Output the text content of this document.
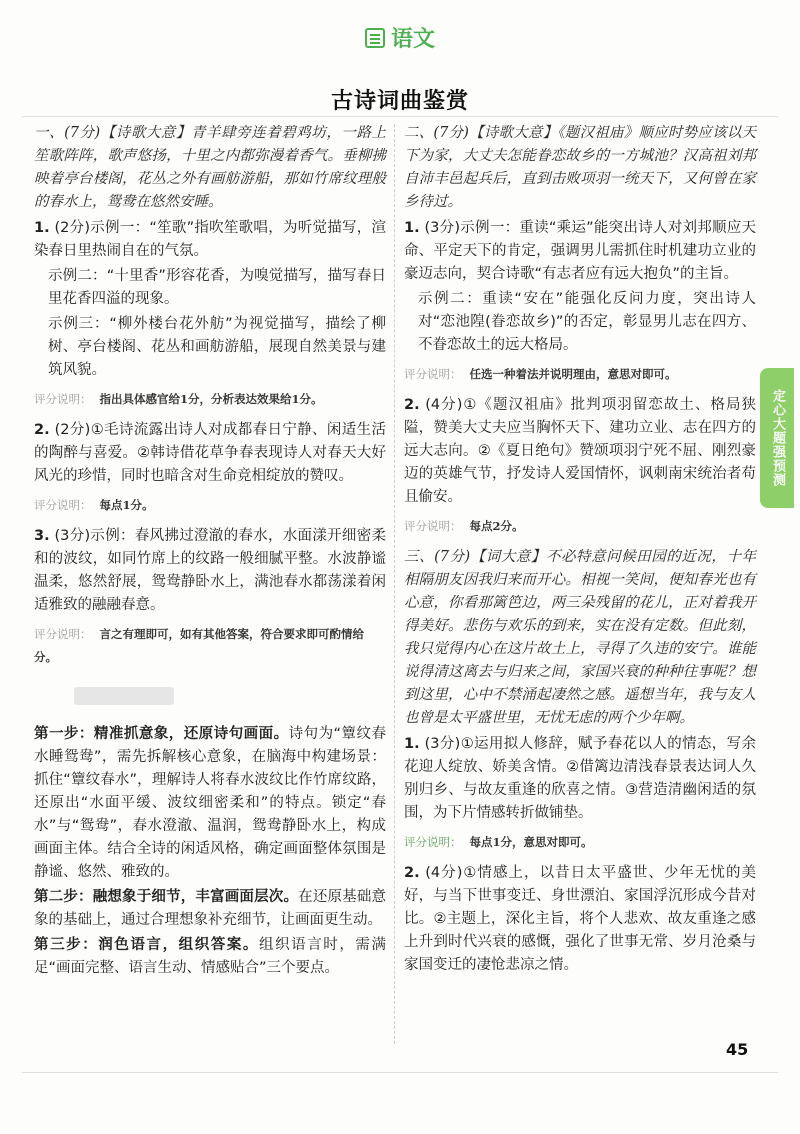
语文
古诗词曲鉴赏

一、(7分)【诗歌大意】青羊肆旁连着碧鸡坊，一路上笙歌阵阵，歌声悠扬，十里之内都弥漫着香气。垂柳拂映着亭台楼阁，花丛之外有画舫游船，那如竹席纹理般的春水上，鸳鸯在悠然安睡。

1. (2分)示例一：“笙歌”指吹笙歌唱，为听觉描写，渲染春日里热闹自在的气氛。

示例二：“十里香”形容花香，为嗅觉描写，描写春日里花香四溢的现象。

示例三：“柳外楼台花外舫”为视觉描写，描绘了柳树、亭台楼阁、花丛和画舫游船，展现自然美景与建筑风貌。

评分说明： 指出具体感官给1分，分析表达效果给1分。

2. (2分)①毛诗流露出诗人对成都春日宁静、闲适生活的陶醉与喜爱。②韩诗借花草争春表现诗人对春天大好风光的珍惜，同时也暗含对生命竞相绽放的赞叹。

评分说明： 每点1分。

3. (3分)示例：春风拂过澄澈的春水，水面漾开细密柔和的波纹，如同竹席上的纹路一般细腻平整。水波静谧温柔，悠然舒展，鸳鸯静卧水上，满池春水都荡漾着闲适雅致的融融春意。

评分说明： 言之有理即可，如有其他答案，符合要求即可酌情给分。

第一步：精准抓意象，还原诗句画面。诗句为“簟纹春水睡鸳鸯”，需先拆解核心意象，在脑海中构建场景：抓住“簟纹春水”，理解诗人将春水波纹比作竹席纹路，还原出“水面平缓、波纹细密柔和”的特点。锁定“春水”与“鸳鸯”，春水澄澈、温润，鸳鸯静卧水上，构成画面主体。结合全诗的闲适风格，确定画面整体氛围是静谧、悠然、雅致的。

第二步：融想象于细节，丰富画面层次。在还原基础意象的基础上，通过合理想象补充细节，让画面更生动。

第三步：润色语言，组织答案。组织语言时，需满足“画面完整、语言生动、情感贴合”三个要点。

二、(7分)【诗歌大意】《题汉祖庙》顺应时势应该以天下为家，大丈夫怎能眷恋故乡的一方城池？汉高祖刘邦自沛丰邑起兵后，直到击败项羽一统天下，又何曾在家乡待过。

1. (3分)示例一：重读“乘运”能突出诗人对刘邦顺应天命、平定天下的肯定，强调男儿需抓住时机建功立业的豪迈志向，契合诗歌“有志者应有远大抱负”的主旨。

示例二：重读“安在”能强化反问力度，突出诗人对“恋池隍(眷恋故乡)”的否定，彰显男儿志在四方、不眷恋故土的远大格局。

评分说明： 任选一种着法并说明理由，意思对即可。

2. (4分)①《题汉祖庙》批判项羽留恋故土、格局狭隘，赞美大丈夫应当胸怀天下、建功立业、志在四方的远大志向。②《夏日绝句》赞颂项羽宁死不屈、刚烈豪迈的英雄气节，抒发诗人爱国情怀，讽刺南宋统治者苟且偷安。

评分说明： 每点2分。

三、(7分)【词大意】不必特意问候田园的近况，十年相隔朋友因我归来而开心。相视一笑间，便知春光也有心意，你看那篱笆边，两三朵残留的花儿，正对着我开得美好。悲伤与欢乐的到来，实在没有定数。但此刻，我只觉得内心在这片故土上，寻得了久违的安宁。谁能说得清这离去与归来之间，家国兴衰的种种往事呢？想到这里，心中不禁涌起凄然之感。遥想当年，我与友人也曾是太平盛世里，无忧无虑的两个少年啊。

1. (3分)①运用拟人修辞，赋予春花以人的情态，写余花迎人绽放、娇美含情。②借篱边清浅春景表达词人久别归乡、与故友重逢的欣喜之情。③营造清幽闲适的氛围，为下片情感转折做铺垫。

评分说明： 每点1分，意思对即可。

2. (4分)①情感上，以昔日太平盛世、少年无忧的美好，与当下世事变迁、身世漂泊、家国浮沉形成今昔对比。②主题上，深化主旨，将个人悲欢、故友重逢之感上升到时代兴衰的感慨，强化了世事无常、岁月沧桑与家国变迁的凄怆悲凉之情。

定心大题强预测
45
